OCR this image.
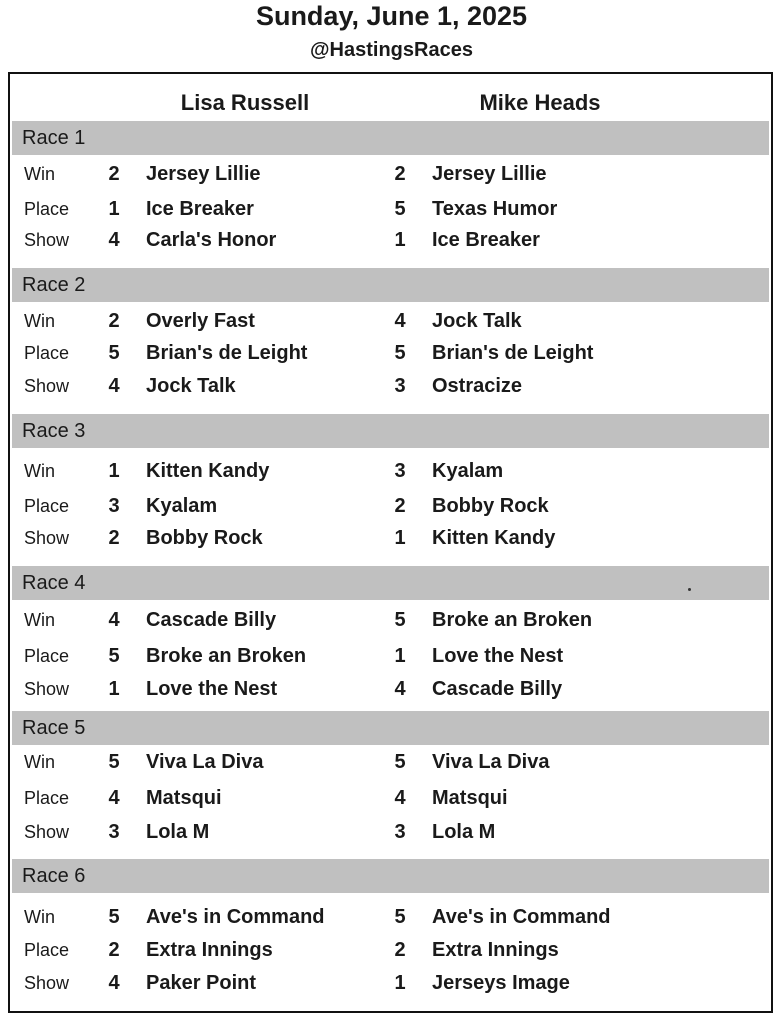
Sunday, June 1, 2025
@HastingsRaces
Lisa Russell	Mike Heads
Race 1
Win	2 Jersey Lillie	2 Jersey Lillie
Place	1 Ice Breaker	5 Texas Humor
Show	4 Carla's Honor	1 Ice Breaker
Race 2
Win	2 Overly Fast	4 Jock Talk
Place	5 Brian's de Leight	5 Brian's de Leight
Show	4 Jock Talk	3 Ostracize
Race 3
Win	1 Kitten Kandy	3 Kyalam
Place	3 Kyalam	2 Bobby Rock
Show	2 Bobby Rock	1 Kitten Kandy
Race 4
Win	4 Cascade Billy	5 Broke an Broken
Place	5 Broke an Broken	1 Love the Nest
Show	1 Love the Nest	4 Cascade Billy
Race 5
Win	5 Viva La Diva	5 Viva La Diva
Place	4 Matsqui	4 Matsqui
Show	3 Lola M	3 Lola M
Race 6
Win	5 Ave's in Command	5 Ave's in Command
Place	2 Extra Innings	2 Extra Innings
Show	4 Paker Point	1 Jerseys Image
